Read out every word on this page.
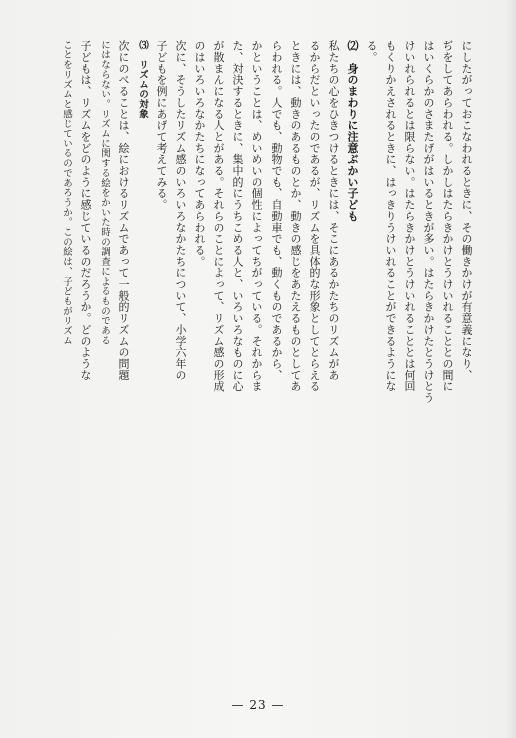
にしたがっておこなわれるときに、その働きかけが有意義になり、
ぢをしてあらわれる。しかしはたらきかけとうけいれることとの間に
はいくらかのさまたげがはいるときが多い。はたらきかけたとうけとう
けいれられるとは限らない。はたらきかけとうけいれることとは何回
もくりかえされるときに、はっきりうけいれることができるようにな
る。
⑵　身のまわりに注意ぶかい子ども
私たちの心をひきつけるときには、そこにあるかたちのリズムがあ
るからだといったのであるが、リズムを具体的な形象としてとらえる
ときには、動きのあるものとか、動きの感じをあたえるものとしてあ
らわれる。人でも、動物でも、自動車でも、動くものであるから、
かということは、めいめいの個性によってちがっている。それからま
た、対決するときに、集中的にうちこめる人と、いろいろなものに心
が散まんになる人とがある。それらのことによって、リズム感の形成
のはいろいろなかたちになってあらわれる。
次に、そうしたリズム感のいろいろなかたちについて、小学六年の
子どもを例にあげて考えてみる。
⑶　リズムの対象
次にのべることは、絵におけるリズムであって一般的リズムの問題
にはならない。リズムに関する絵をかいた時の調査によるものである
子どもは、リズムをどのように感じているのだろうか。どのような
ことをリズムと感じているのであろうか。この絵は、子どもがリズム
— 23 —
